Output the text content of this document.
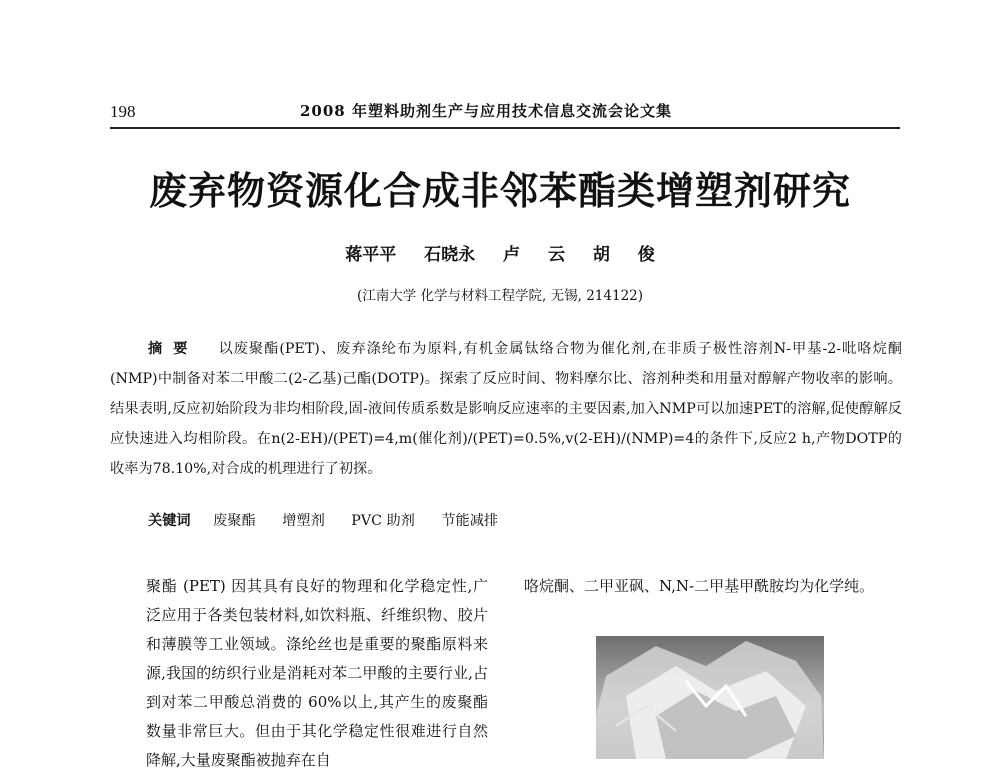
198	2008 年塑料助剂生产与应用技术信息交流会论文集
废弃物资源化合成非邻苯酯类增塑剂研究
蒋平平 石晓永 卢 云 胡 俊
(江南大学 化学与材料工程学院, 无锡, 214122)
摘要 以废聚酯(PET)、废弃涤纶布为原料,有机金属钛络合物为催化剂,在非质子极性溶剂N-甲基-2-吡咯烷酮(NMP)中制备对苯二甲酸二(2-乙基)己酯(DOTP)。探索了反应时间、物料摩尔比、溶剂种类和用量对醇解产物收率的影响。结果表明,反应初始阶段为非均相阶段,固-液间传质系数是影响反应速率的主要因素,加入NMP可以加速PET的溶解,促使醇解反应快速进入均相阶段。在n(2-EH)/(PET)=4,m(催化剂)/(PET)=0.5%,v(2-EH)/(NMP)=4的条件下,反应2 h,产物DOTP的收率为78.10%,对合成的机理进行了初探。
关键词 废聚酯 增塑剂 PVC 助剂 节能减排
聚酯 (PET) 因其具有良好的物理和化学稳定性,广泛应用于各类包装材料,如饮料瓶、纤维织物、胶片和薄膜等工业领域。涤纶丝也是重要的聚酯原料来源,我国的纺织行业是消耗对苯二甲酸的主要行业,占到对苯二甲酸总消费的 60%以上,其产生的废聚酯数量非常巨大。但由于其化学稳定性很难进行自然降解,大量废聚酯被抛弃在自
咯烷酮、二甲亚砜、N,N-二甲基甲酰胺均为化学纯。
